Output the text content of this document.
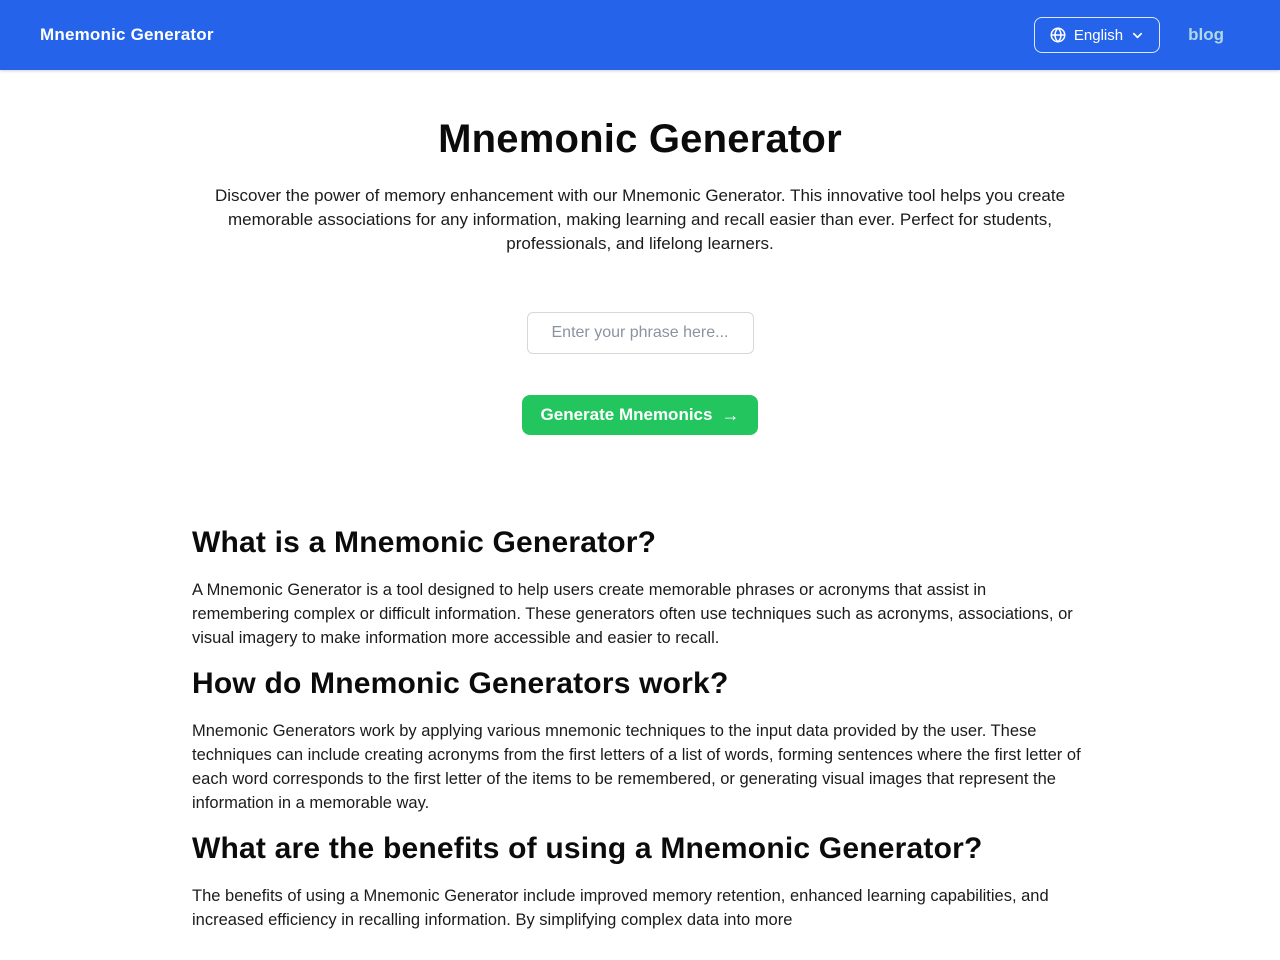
Mnemonic Generator	English	blog
Mnemonic Generator

Discover the power of memory enhancement with our Mnemonic Generator. This innovative tool helps you create memorable associations for any information, making learning and recall easier than ever. Perfect for students, professionals, and lifelong learners.

Enter your phrase here...
Generate Mnemonics →
What is a Mnemonic Generator?

A Mnemonic Generator is a tool designed to help users create memorable phrases or acronyms that assist in remembering complex or difficult information. These generators often use techniques such as acronyms, associations, or visual imagery to make information more accessible and easier to recall.

How do Mnemonic Generators work?

Mnemonic Generators work by applying various mnemonic techniques to the input data provided by the user. These techniques can include creating acronyms from the first letters of a list of words, forming sentences where the first letter of each word corresponds to the first letter of the items to be remembered, or generating visual images that represent the information in a memorable way.

What are the benefits of using a Mnemonic Generator?

The benefits of using a Mnemonic Generator include improved memory retention, enhanced learning capabilities, and increased efficiency in recalling information. By simplifying complex data into more
